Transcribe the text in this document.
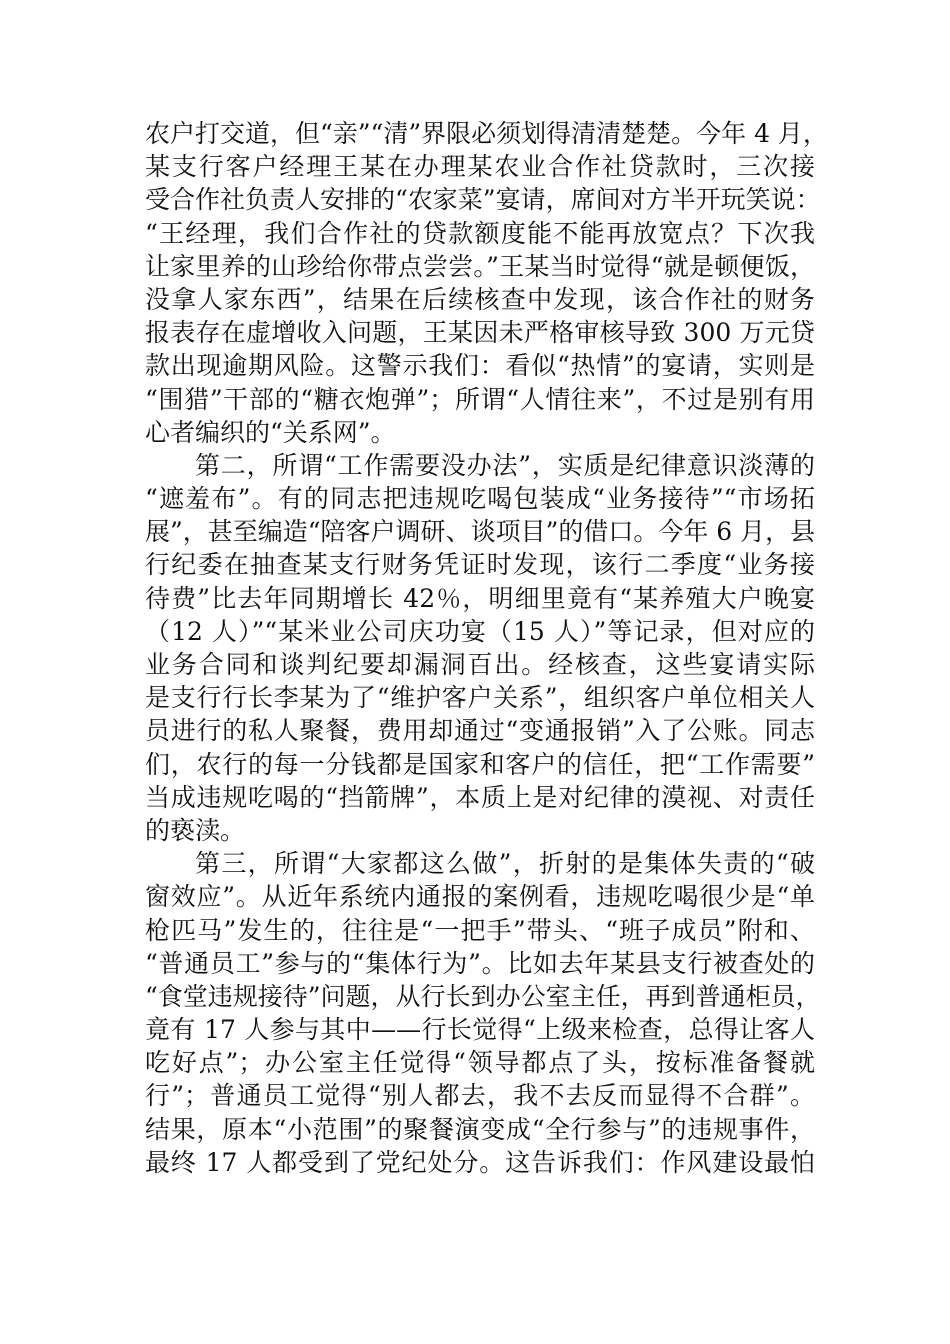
农户打交道，但“亲”“清”界限必须划得清清楚楚。今年 4 月，
某支行客户经理王某在办理某农业合作社贷款时，三次接
受合作社负责人安排的“农家菜”宴请，席间对方半开玩笑说：
“王经理，我们合作社的贷款额度能不能再放宽点？下次我
让家里养的山珍给你带点尝尝。”王某当时觉得“就是顿便饭，
没拿人家东西”，结果在后续核查中发现，该合作社的财务
报表存在虚增收入问题，王某因未严格审核导致 300 万元贷
款出现逾期风险。这警示我们：看似“热情”的宴请，实则是
“围猎”干部的“糖衣炮弹”；所谓“人情往来”，不过是别有用
心者编织的“关系网”。
第二，所谓“工作需要没办法”，实质是纪律意识淡薄的
“遮羞布”。有的同志把违规吃喝包装成“业务接待”“市场拓
展”，甚至编造“陪客户调研、谈项目”的借口。今年 6 月，县
行纪委在抽查某支行财务凭证时发现，该行二季度“业务接
待费”比去年同期增长 42％，明细里竟有“某养殖大户晚宴
（12 人）”“某米业公司庆功宴（15 人）”等记录，但对应的
业务合同和谈判纪要却漏洞百出。经核查，这些宴请实际
是支行行长李某为了“维护客户关系”，组织客户单位相关人
员进行的私人聚餐，费用却通过“变通报销”入了公账。同志
们，农行的每一分钱都是国家和客户的信任，把“工作需要”
当成违规吃喝的“挡箭牌”，本质上是对纪律的漠视、对责任
的亵渎。
第三，所谓“大家都这么做”，折射的是集体失责的“破
窗效应”。从近年系统内通报的案例看，违规吃喝很少是“单
枪匹马”发生的，往往是“一把手”带头、“班子成员”附和、
“普通员工”参与的“集体行为”。比如去年某县支行被查处的
“食堂违规接待”问题，从行长到办公室主任，再到普通柜员，
竟有 17 人参与其中——行长觉得“上级来检查，总得让客人
吃好点”；办公室主任觉得“领导都点了头，按标准备餐就
行”；普通员工觉得“别人都去，我不去反而显得不合群”。
结果，原本“小范围”的聚餐演变成“全行参与”的违规事件，
最终 17 人都受到了党纪处分。这告诉我们：作风建设最怕
